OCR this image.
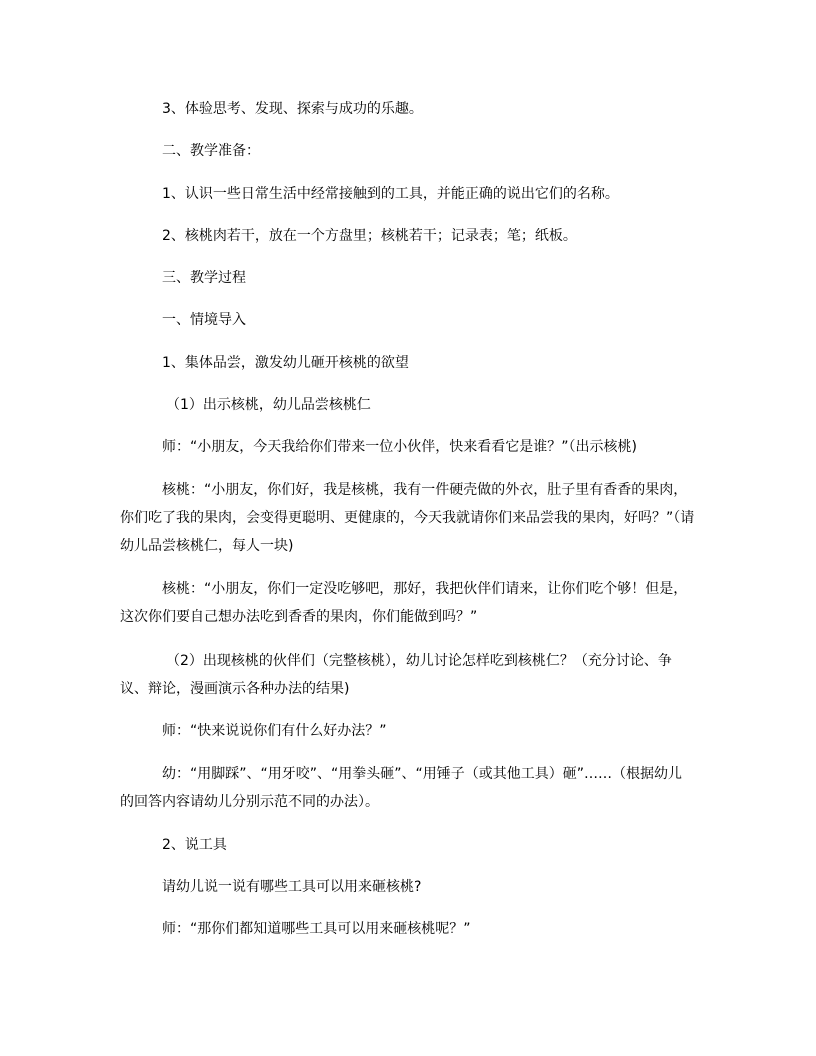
3、体验思考、发现、探索与成功的乐趣。
二、教学准备：
1、认识一些日常生活中经常接触到的工具，并能正确的说出它们的名称。
2、核桃肉若干，放在一个方盘里；核桃若干；记录表；笔；纸板。
三、教学过程
一、情境导入
1、集体品尝，激发幼儿砸开核桃的欲望
（1）出示核桃，幼儿品尝核桃仁
师：“小朋友，今天我给你们带来一位小伙伴，快来看看它是谁？”（出示核桃)
核桃：“小朋友，你们好，我是核桃，我有一件硬壳做的外衣，肚子里有香香的果肉，你们吃了我的果肉，会变得更聪明、更健康的，今天我就请你们来品尝我的果肉，好吗？”（请幼儿品尝核桃仁，每人一块)
核桃：“小朋友，你们一定没吃够吧，那好，我把伙伴们请来，让你们吃个够！但是，这次你们要自己想办法吃到香香的果肉，你们能做到吗？”
（2）出现核桃的伙伴们（完整核桃），幼儿讨论怎样吃到核桃仁？（充分讨论、争议、辩论，漫画演示各种办法的结果)
师：“快来说说你们有什么好办法？”
幼：“用脚踩”、“用牙咬”、“用拳头砸”、“用锤子（或其他工具）砸”……（根据幼儿的回答内容请幼儿分别示范不同的办法）。
2、说工具
请幼儿说一说有哪些工具可以用来砸核桃?
师：“那你们都知道哪些工具可以用来砸核桃呢？”
